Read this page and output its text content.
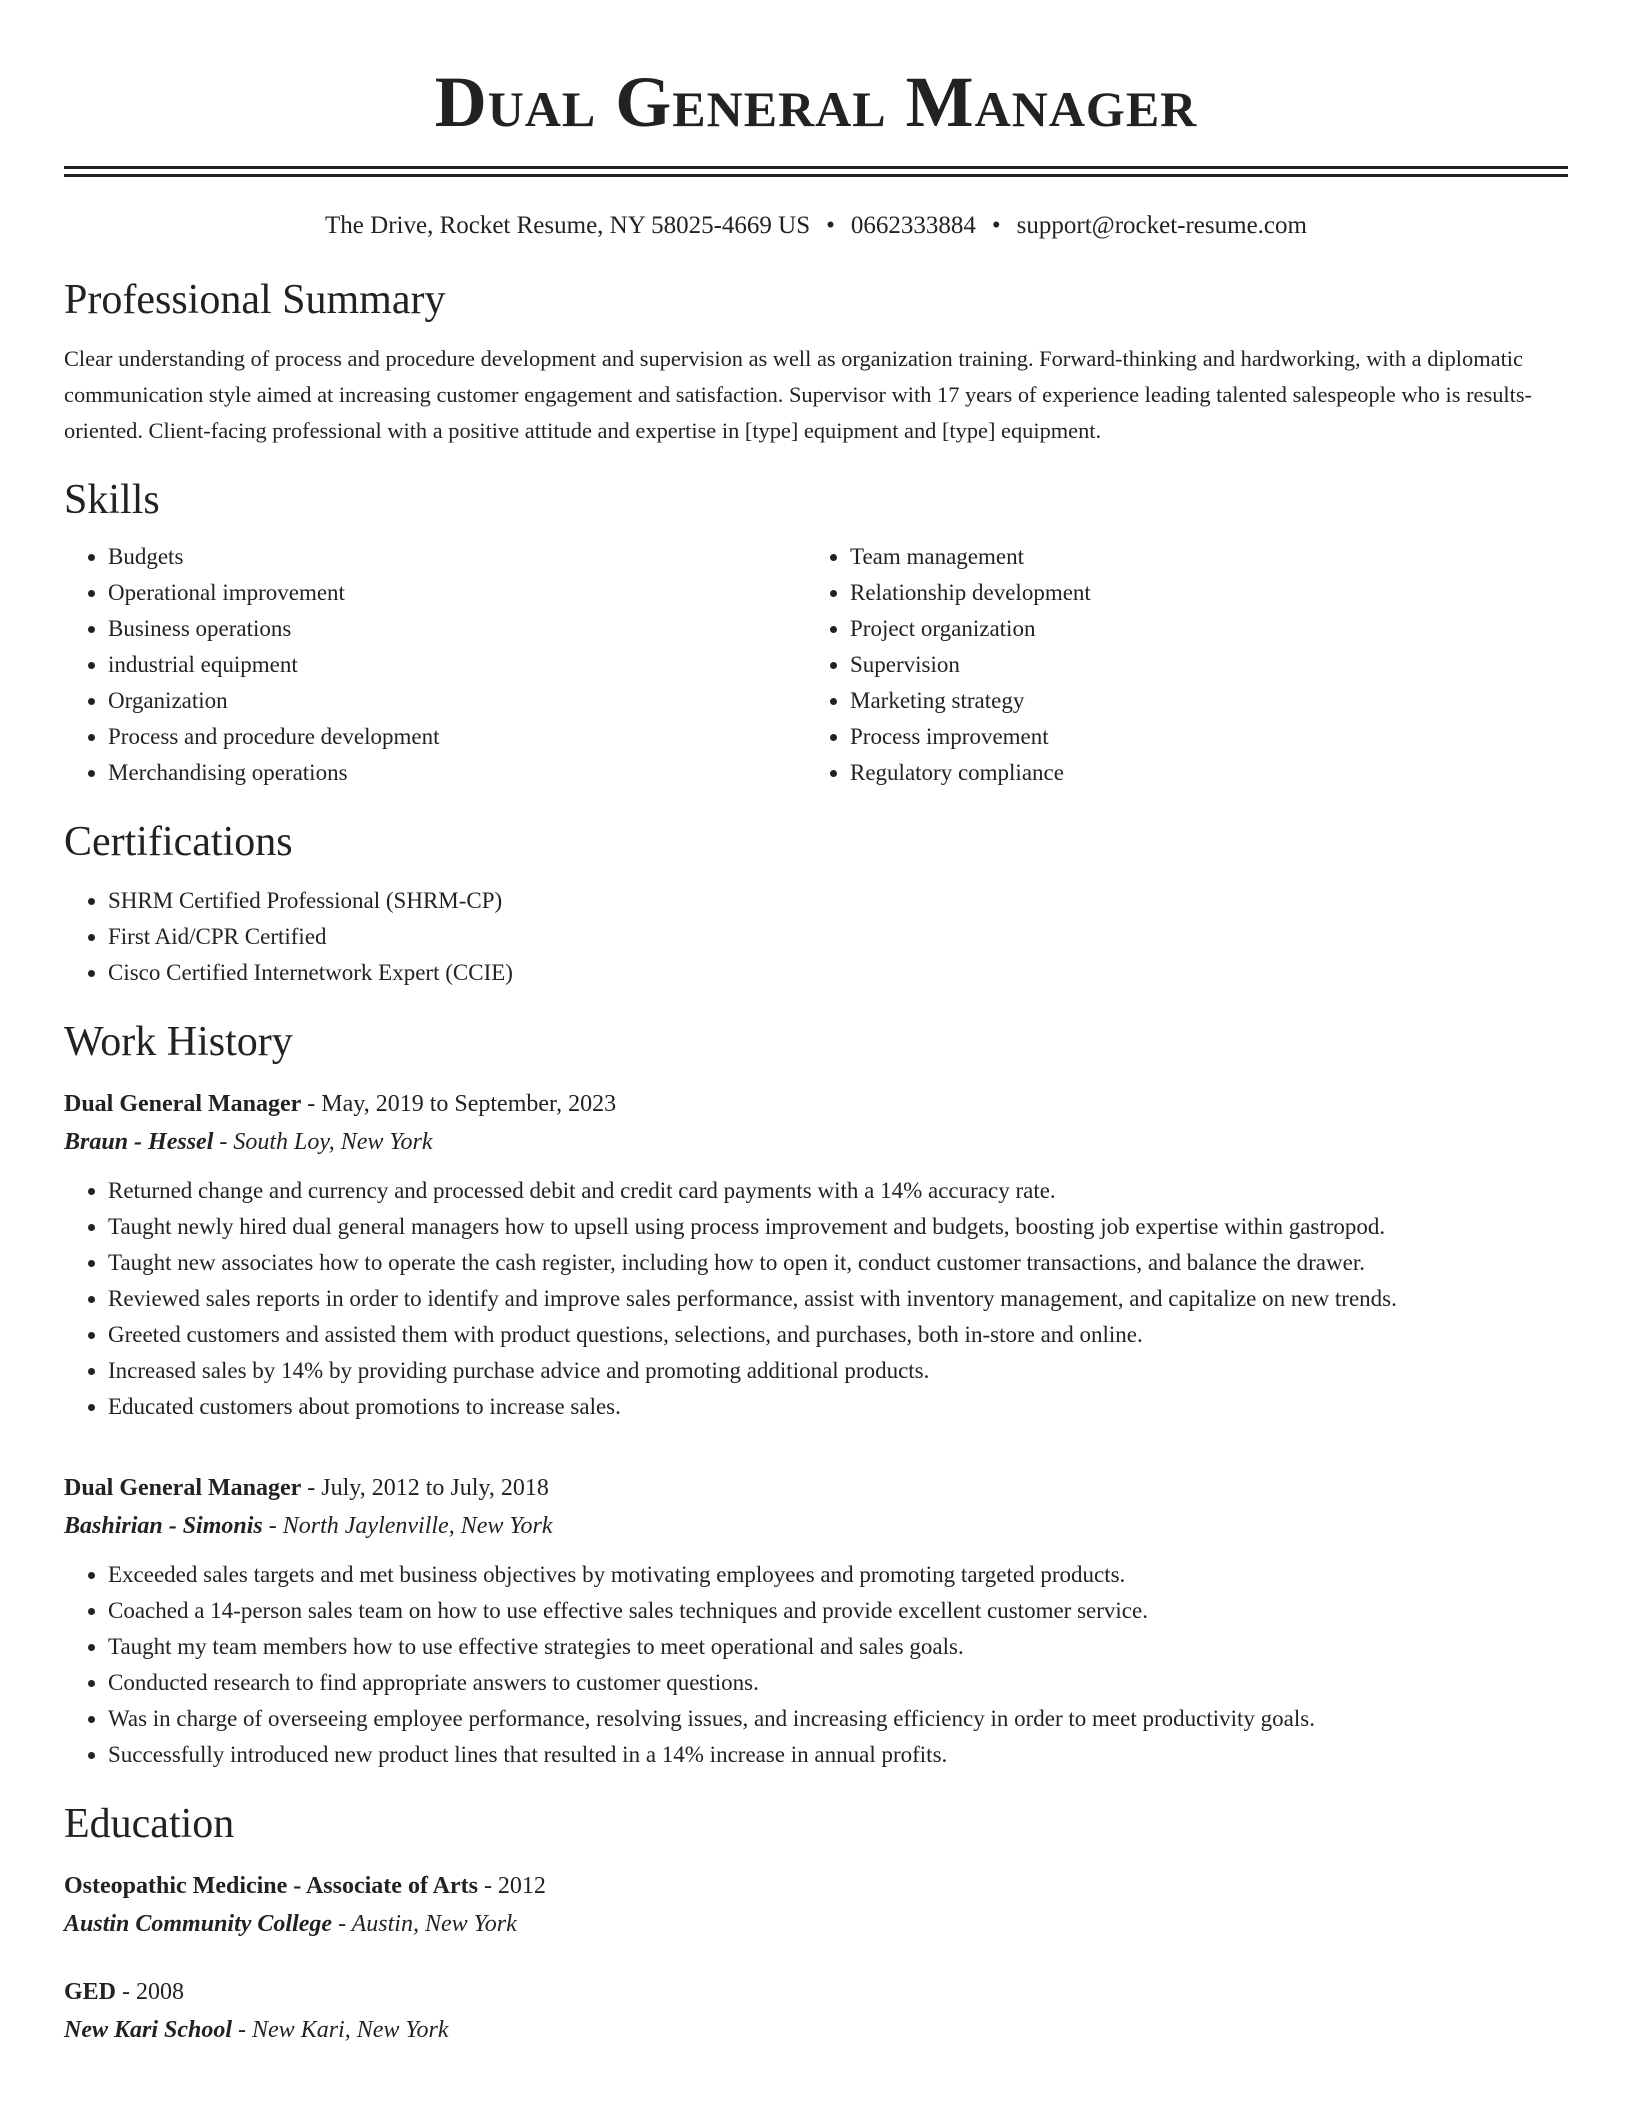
Dual General Manager
The Drive, Rocket Resume, NY 58025-4669 US • 0662333884 • support@rocket-resume.com
Professional Summary

Clear understanding of process and procedure development and supervision as well as organization training. Forward-thinking and hardworking, with a diplomatic communication style aimed at increasing customer engagement and satisfaction. Supervisor with 17 years of experience leading talented salespeople who is results-oriented. Client-facing professional with a positive attitude and expertise in [type] equipment and [type] equipment.

Skills
• Budgets
• Operational improvement
• Business operations
• industrial equipment
• Organization
• Process and procedure development
• Merchandising operations
• Team management
• Relationship development
• Project organization
• Supervision
• Marketing strategy
• Process improvement
• Regulatory compliance
Certifications
• SHRM Certified Professional (SHRM-CP)
• First Aid/CPR Certified
• Cisco Certified Internetwork Expert (CCIE)
Work History
Dual General Manager - May, 2019 to September, 2023
Braun - Hessel - South Loy, New York
• Returned change and currency and processed debit and credit card payments with a 14% accuracy rate.
• Taught newly hired dual general managers how to upsell using process improvement and budgets, boosting job expertise within gastropod.
• Taught new associates how to operate the cash register, including how to open it, conduct customer transactions, and balance the drawer.
• Reviewed sales reports in order to identify and improve sales performance, assist with inventory management, and capitalize on new trends.
• Greeted customers and assisted them with product questions, selections, and purchases, both in-store and online.
• Increased sales by 14% by providing purchase advice and promoting additional products.
• Educated customers about promotions to increase sales.
Dual General Manager - July, 2012 to July, 2018
Bashirian - Simonis - North Jaylenville, New York
• Exceeded sales targets and met business objectives by motivating employees and promoting targeted products.
• Coached a 14-person sales team on how to use effective sales techniques and provide excellent customer service.
• Taught my team members how to use effective strategies to meet operational and sales goals.
• Conducted research to find appropriate answers to customer questions.
• Was in charge of overseeing employee performance, resolving issues, and increasing efficiency in order to meet productivity goals.
• Successfully introduced new product lines that resulted in a 14% increase in annual profits.
Education
Osteopathic Medicine - Associate of Arts - 2012
Austin Community College - Austin, New York
GED - 2008
New Kari School - New Kari, New York
